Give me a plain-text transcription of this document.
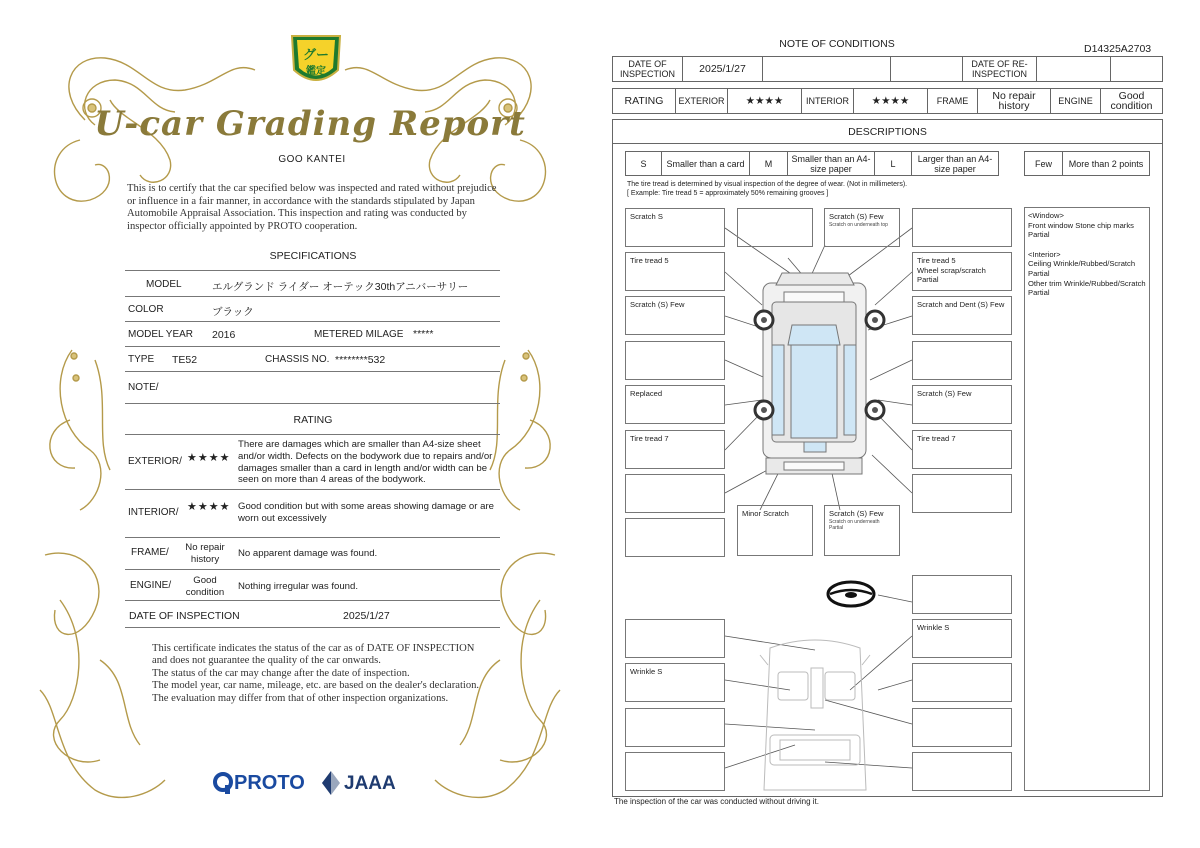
グー
鑑定
U-car Grading Report
GOO KANTEI
This is to certify that the car specified below was inspected and rated without prejudice or influence in a fair manner, in accordance with the standards stipulated by Japan Automobile Appraisal Association. This inspection and rating was conducted by inspector officially appointed by PROTO cooperation.
SPECIFICATIONS
MODEL	エルグランド ライダー オーテック30thアニバーサリー
COLOR	ブラック
MODEL YEAR 2016	METERED MILAGE *****
TYPE TE52	CHASSIS NO. ********532
NOTE/
RATING
EXTERIOR/ ★★★★
There are damages which are smaller than A4-size sheet and/or width. Defects on the bodywork due to repairs and/or damages smaller than a card in length and/or width can be seen on more than 4 areas of the bodywork.
INTERIOR/ ★★★★ Good condition but with some areas showing damage or are worn out excessively
FRAME/	No repair history	No apparent damage was found.
ENGINE/	Good condition	Nothing irregular was found.
DATE OF INSPECTION	2025/1/27
This certificate indicates the status of the car as of DATE OF INSPECTION and does not guarantee the quality of the car onwards.
The status of the car may change after the date of inspection.
The model year, car name, mileage, etc. are based on the dealer's declaration.
The evaluation may differ from that of other inspection organizations.
PROTO JAAA
NOTE OF CONDITIONS	D14325A2703
DATE OF INSPECTION	2025/1/27	DATE OF RE-INSPECTION
RATING	EXTERIOR	★★★★	INTERIOR	★★★★	FRAME	No repair history	ENGINE	Good condition
DESCRIPTIONS
S	Smaller than a card	M	Smaller than an A4-size paper	L	Larger than an A4-size paper	Few	More than 2 points
The tire tread is determined by visual inspection of the degree of wear. (Not in millimeters).
[ Example: Tire tread 5 = approximately 50% remaining grooves ]
Scratch S	Scratch (S) Few
Scratch on underneath top
Tire tread 5	Tire tread 5
Wheel scrap/scratch Partial
Scratch (S) Few	Scratch and Dent (S) Few
Replaced	Scratch (S) Few
Tire tread 7	Tire tread 7
Minor Scratch	Scratch (S) Few
Scratch on underneath Partial
Wrinkle S
Wrinkle S
<Window>
Front window Stone chip marks Partial
<Interior>
Ceiling Wrinkle/Rubbed/Scratch Partial
Other trim Wrinkle/Rubbed/Scratch Partial
The inspection of the car was conducted without driving it.
